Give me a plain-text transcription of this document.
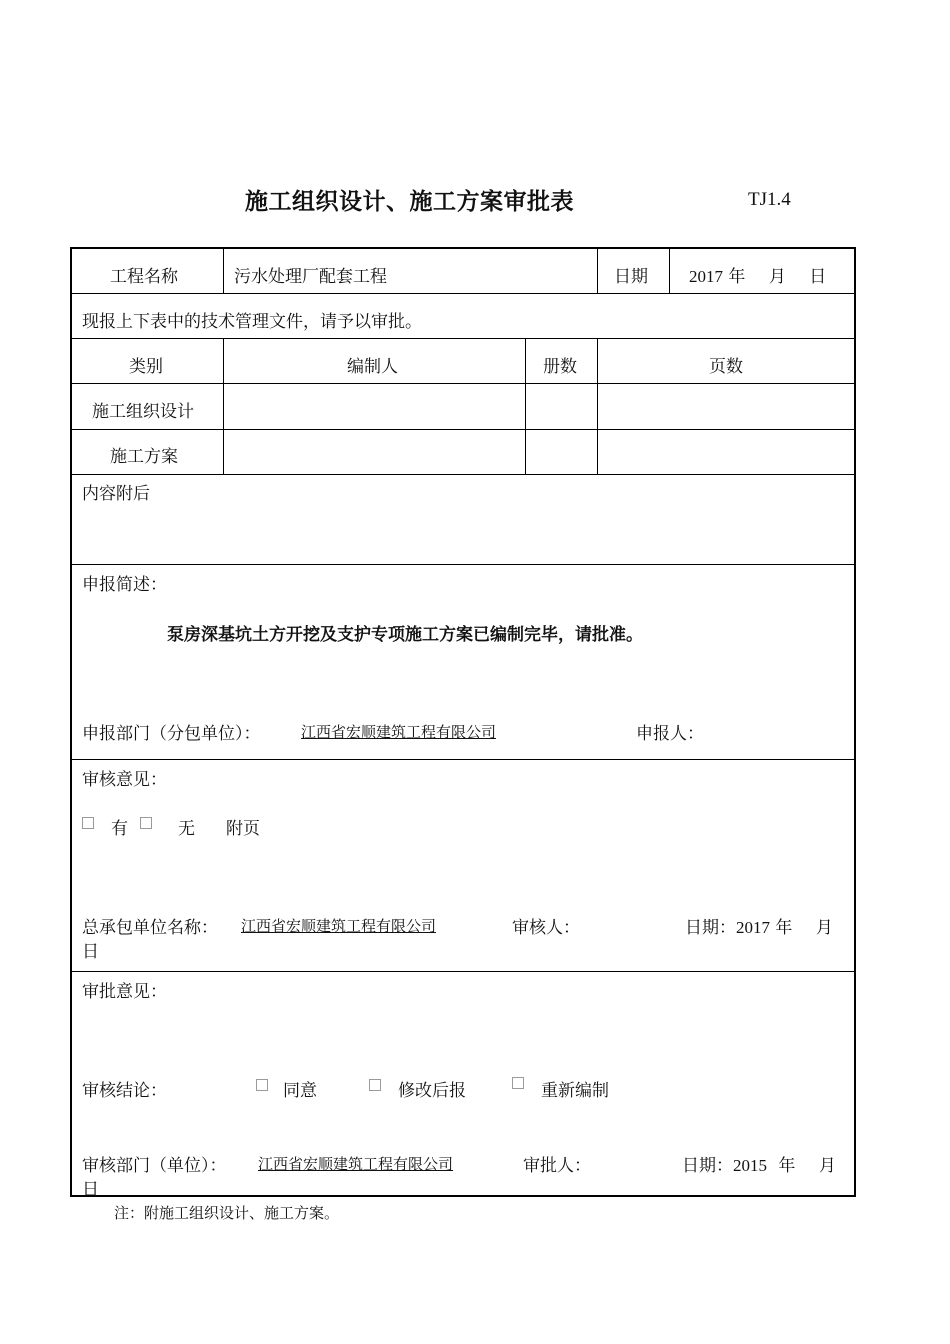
施工组织设计、施工方案审批表	TJ1.4
工程名称	污水处理厂配套工程	日期 2017 年 月 日
现报上下表中的技术管理文件，请予以审批。
类别	编制人	册数	页数
施工组织设计
施工方案
内容附后
申报简述：
泵房深基坑土方开挖及支护专项施工方案已编制完毕，请批准。
申报部门（分包单位）：	江西省宏顺建筑工程有限公司	申报人：
审核意见：
有	无 附页
总承包单位名称： 江西省宏顺建筑工程有限公司	审核人：	日期：2017 年 月
日
审批意见：
审核结论：	同意	修改后报	重新编制
审核部门（单位）： 江西省宏顺建筑工程有限公司	审批人：	日期：2015 年 月
日
注：附施工组织设计、施工方案。
